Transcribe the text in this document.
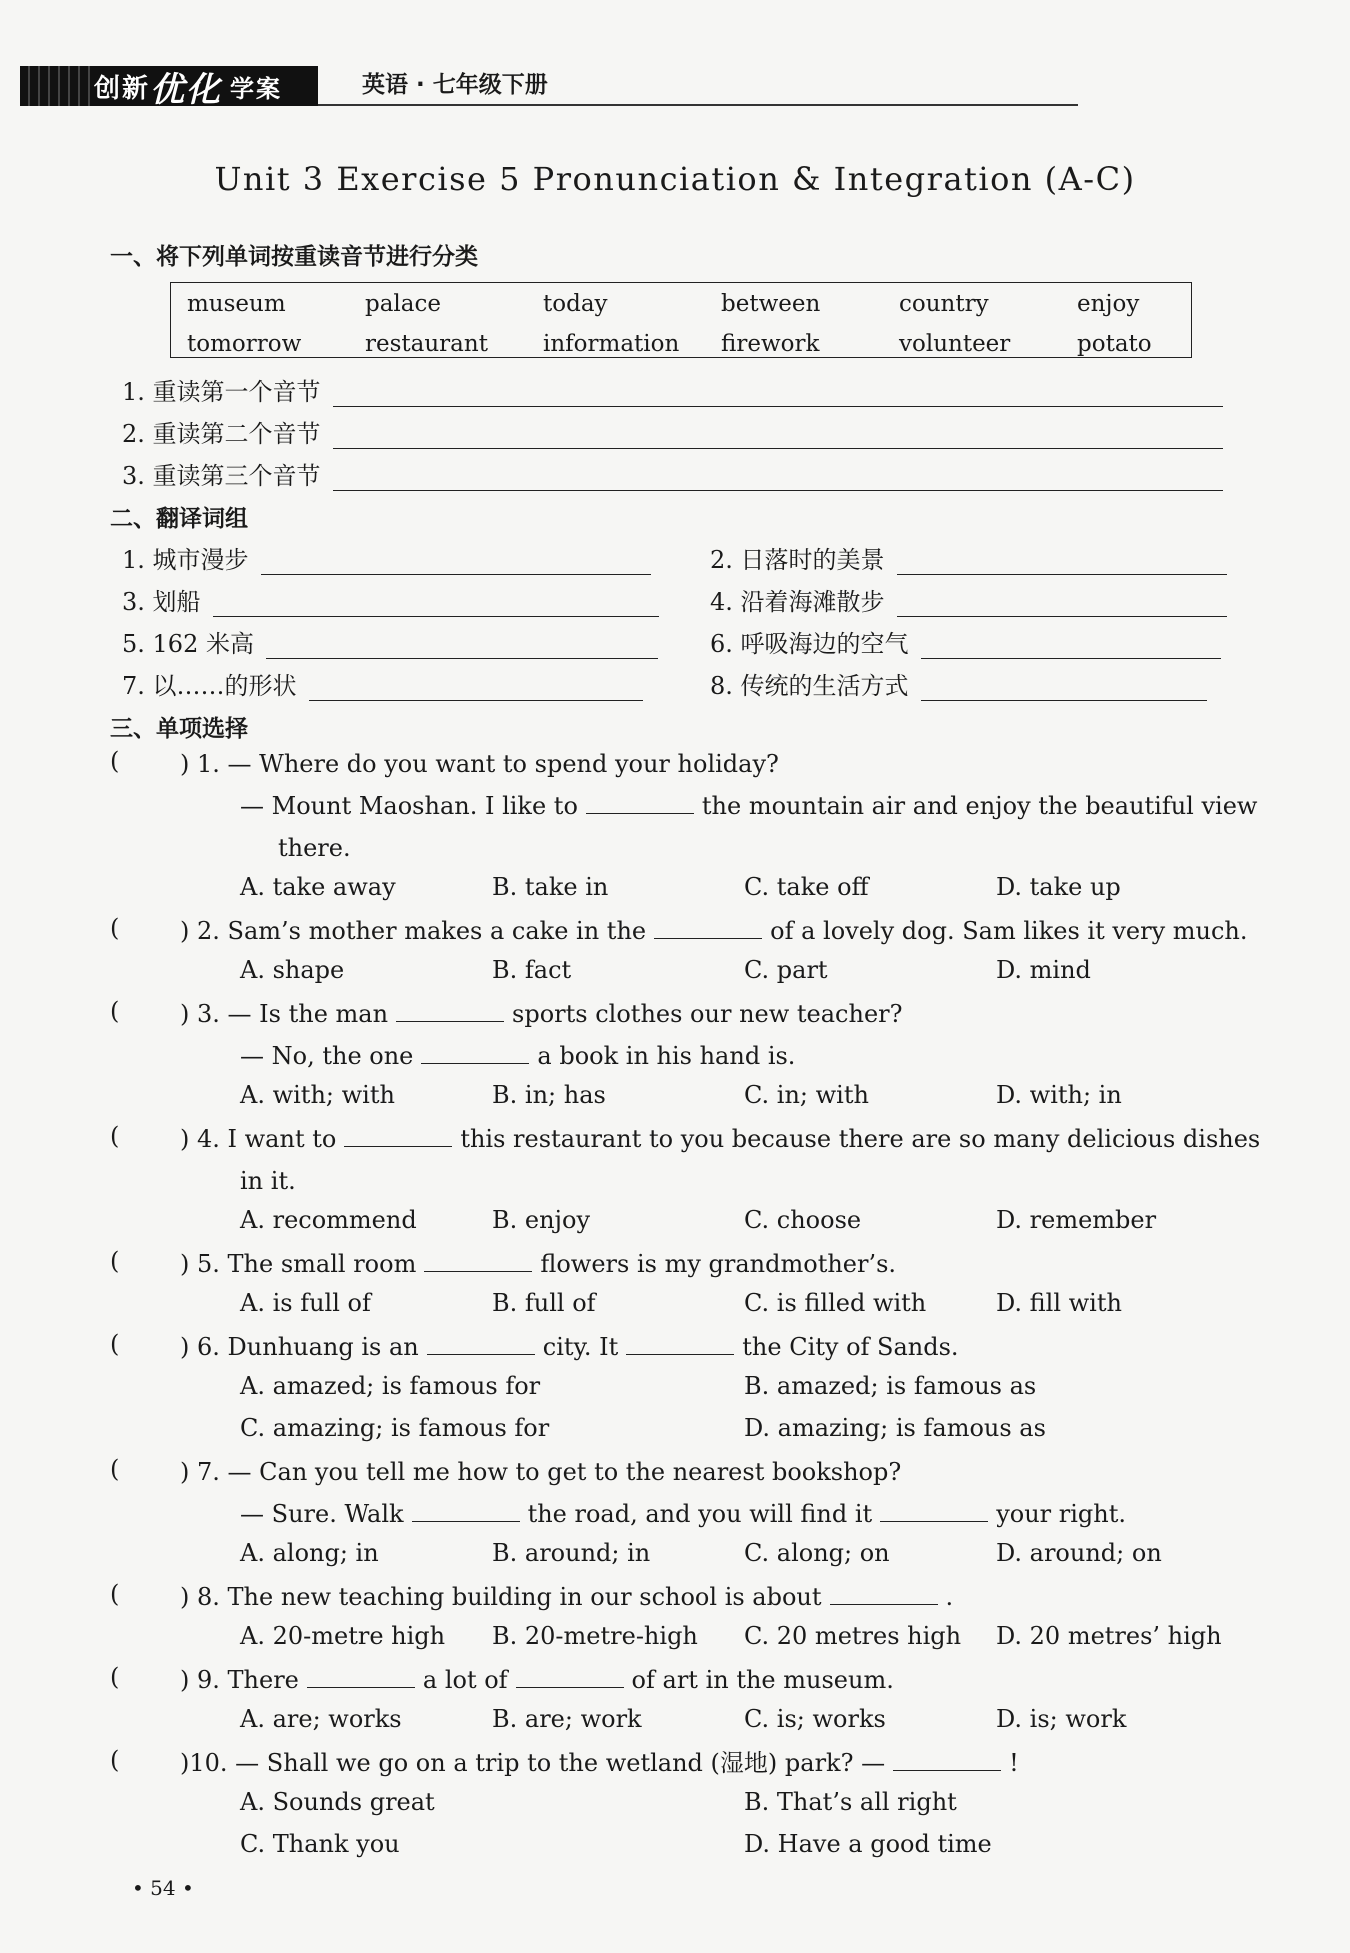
创新 优化 学案	英语 · 七年级下册
Unit 3 Exercise 5 Pronunciation & Integration (A-C)
一、将下列单词按重读音节进行分类
museum	palace	today	between	country	enjoy
tomorrow	restaurant	information	firework	volunteer	potato
1. 重读第一个音节
2. 重读第二个音节
3. 重读第三个音节
二、翻译词组
1. 城市漫步	2. 日落时的美景
3. 划船	4. 沿着海滩散步
5. 162 米高	6. 呼吸海边的空气
7. 以……的形状	8. 传统的生活方式
三、单项选择
(	) 1. — Where do you want to spend your holiday?
— Mount Maoshan. I like to	the mountain air and enjoy the beautiful view
there.
A. take away	B. take in	C. take off	D. take up
(	) 2. Sam’s mother makes a cake in the	of a lovely dog. Sam likes it very much.
A. shape	B. fact	C. part	D. mind
(	) 3. — Is the man	sports clothes our new teacher?
— No, the one	a book in his hand is.
A. with; with	B. in; has	C. in; with	D. with; in
(	) 4. I want to	this restaurant to you because there are so many delicious dishes
in it.
A. recommend	B. enjoy	C. choose	D. remember
(	) 5. The small room	flowers is my grandmother’s.
A. is full of	B. full of	C. is filled with	D. fill with
(	) 6. Dunhuang is an	city. It	the City of Sands.
A. amazed; is famous for	B. amazed; is famous as
C. amazing; is famous for	D. amazing; is famous as
(	) 7. — Can you tell me how to get to the nearest bookshop?
— Sure. Walk	the road, and you will find it	your right.
A. along; in	B. around; in	C. along; on	D. around; on
(	) 8. The new teaching building in our school is about	.
A. 20-metre high B. 20-metre-high C. 20 metres high D. 20 metres’ high
(	) 9. There	a lot of	of art in the museum.
A. are; works	B. are; work	C. is; works	D. is; work
(	)10. — Shall we go on a trip to the wetland (湿地) park? —	!
A. Sounds great	B. That’s all right
C. Thank you	D. Have a good time
• 54 •
